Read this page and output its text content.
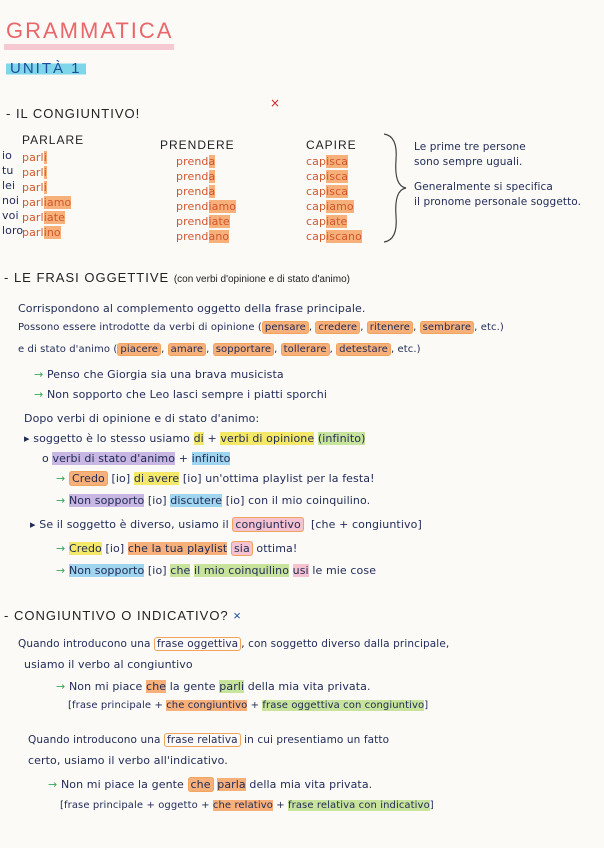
GRAMMATICA
UNITÀ 1
- IL CONGIUNTIVO!
×
PARLARE	PRENDERE	CAPIRE
io
tu
lei
noi
voi
loro
parli
parli
parli
parliamo
parliate
parlino
prenda
prenda
prenda
prendiamo
prendiate
prendano
capisca
capisca
capisca
capiamo
capiate
capiscano
Le prime tre persone
sono sempre uguali.
Generalmente si specifica
il pronome personale soggetto.
- LE FRASI OGGETTIVE (con verbi d'opinione e di stato d'animo)
Corrispondono al complemento oggetto della frase principale.
Possono essere introdotte da verbi di opinione ( pensare , credere , ritenere , sembrare , etc.)
e di stato d'animo ( piacere , amare , sopportare , tollerare , detestare , etc.)
→ Penso che Giorgia sia una brava musicista
→ Non sopporto che Leo lasci sempre i piatti sporchi
Dopo verbi di opinione e di stato d'animo:
▸ soggetto è lo stesso usiamo di + verbi di opinione (infinito)
o verbi di stato d'animo + infinito
→ Credo [io] di avere [io] un'ottima playlist per la festa!
→ Non sopporto [io] discutere [io] con il mio coinquilino.
▸ Se il soggetto è diverso, usiamo il congiuntivo [che + congiuntivo]
→ Credo [io] che la tua playlist sia ottima!
→ Non sopporto [io] che il mio coinquilino usi le mie cose
- CONGIUNTIVO O INDICATIVO? ×
Quando introducono una frase oggettiva , con soggetto diverso dalla principale,
usiamo il verbo al congiuntivo
→ Non mi piace che la gente parli della mia vita privata.
[frase principale + che congiuntivo + frase oggettiva con congiuntivo]
Quando introducono una frase relativa in cui presentiamo un fatto
certo, usiamo il verbo all'indicativo.
→ Non mi piace la gente che parla della mia vita privata.
[frase principale + oggetto + che relativo + frase relativa con indicativo]
